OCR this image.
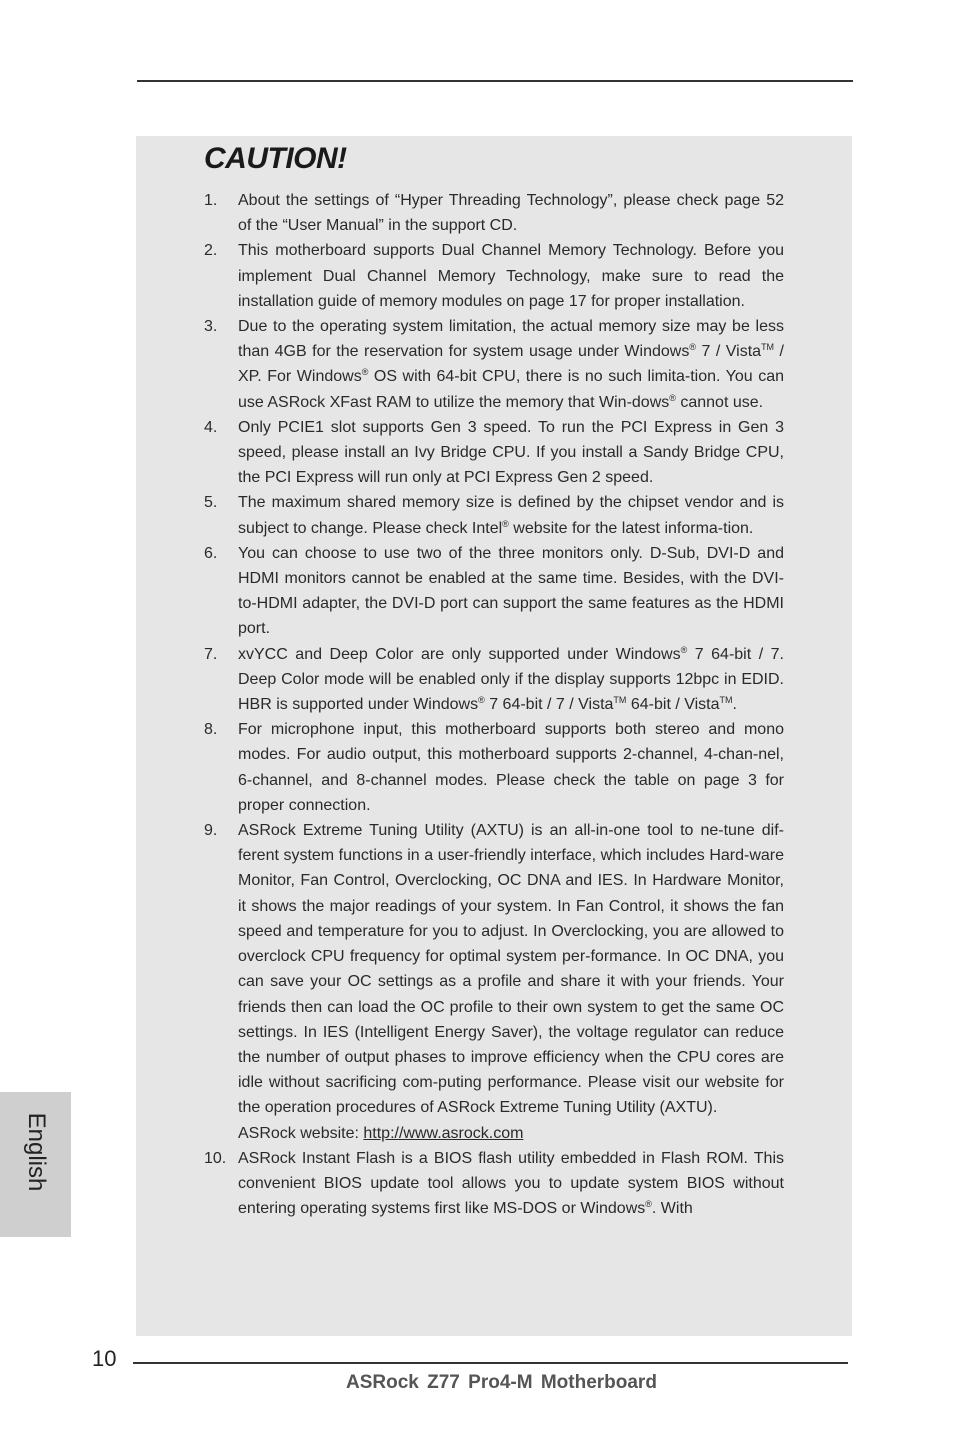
CAUTION!
1.	About the settings of “Hyper Threading Technology”, please check page 52 of the “User Manual” in the support CD.
2.	This motherboard supports Dual Channel Memory Technology. Before you implement Dual Channel Memory Technology, make sure to read the installation guide of memory modules on page 17 for proper installation.
3.	Due to the operating system limitation, the actual memory size may be less than 4GB for the reservation for system usage under Windows® 7 / Vista™ / XP. For Windows® OS with 64-bit CPU, there is no such limita-tion. You can use ASRock XFast RAM to utilize the memory that Win-dows® cannot use.
4.	Only PCIE1 slot supports Gen 3 speed. To run the PCI Express in Gen 3 speed, please install an Ivy Bridge CPU. If you install a Sandy Bridge CPU, the PCI Express will run only at PCI Express Gen 2 speed.
5.	The maximum shared memory size is defined by the chipset vendor and is subject to change. Please check Intel® website for the latest informa-tion.
6.	You can choose to use two of the three monitors only. D-Sub, DVI-D and HDMI monitors cannot be enabled at the same time. Besides, with the DVI-to-HDMI adapter, the DVI-D port can support the same features as the HDMI port.
7.	xvYCC and Deep Color are only supported under Windows® 7 64-bit / 7. Deep Color mode will be enabled only if the display supports 12bpc in EDID. HBR is supported under Windows® 7 64-bit / 7 / Vista™ 64-bit / Vista™.
8.	For microphone input, this motherboard supports both stereo and mono modes. For audio output, this motherboard supports 2-channel, 4-chan-nel, 6-channel, and 8-channel modes. Please check the table on page 3 for proper connection.
9.	ASRock Extreme Tuning Utility (AXTU) is an all-in-one tool to ne-tune dif-ferent system functions in a user-friendly interface, which includes Hard-ware Monitor, Fan Control, Overclocking, OC DNA and IES. In Hardware Monitor, it shows the major readings of your system. In Fan Control, it shows the fan speed and temperature for you to adjust. In Overclocking, you are allowed to overclock CPU frequency for optimal system per-formance. In OC DNA, you can save your OC settings as a profile and share it with your friends. Your friends then can load the OC profile to their own system to get the same OC settings. In IES (Intelligent Energy Saver), the voltage regulator can reduce the number of output phases to improve efficiency when the CPU cores are idle without sacrificing com-puting performance. Please visit our website for the operation procedures of ASRock Extreme Tuning Utility (AXTU).
ASRock website: http://www.asrock.com
10. ASRock Instant Flash is a BIOS flash utility embedded in Flash ROM. This convenient BIOS update tool allows you to update system BIOS without entering operating systems first like MS-DOS or Windows®. With
English
10
ASRock Z77 Pro4-M Motherboard
